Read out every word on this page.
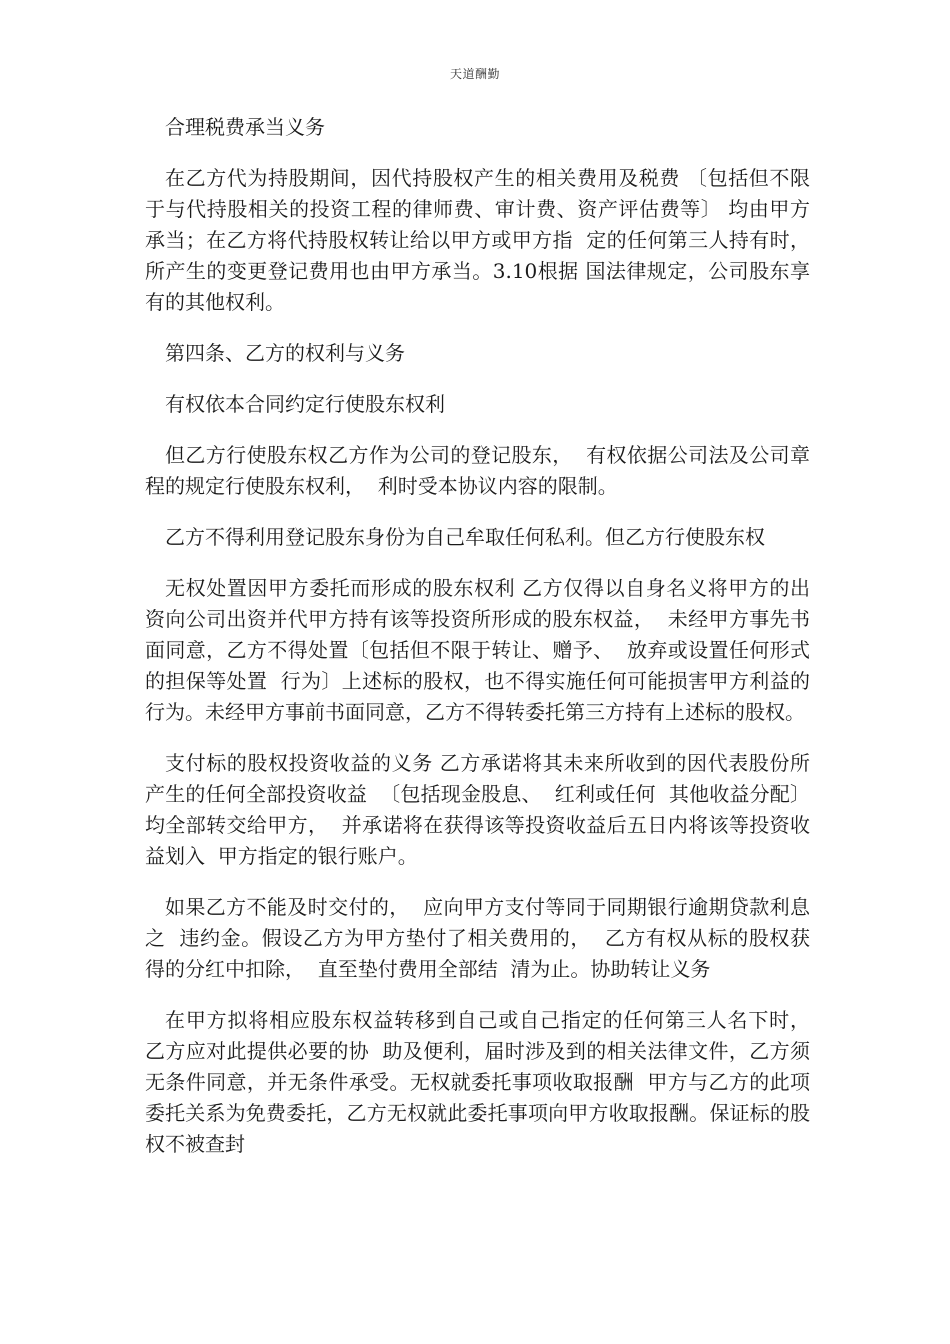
天道酬勤

合理税费承当义务

在乙方代为持股期间，因代持股权产生的相关费用及税费 〔包括但不限于与代持股相关的投资工程的律师费、审计费、资产评估费等〕 均由甲方承当；在乙方将代持股权转让给以甲方或甲方指  定的任何第三人持有时，所产生的变更登记费用也由甲方承当。3.10根据 国法律规定，公司股东享有的其他权利。

第四条、乙方的权利与义务

有权依本合同约定行使股东权利

但乙方行使股东权乙方作为公司的登记股东，  有权依据公司法及公司章程的规定行使股东权利，  利时受本协议内容的限制。

乙方不得利用登记股东身份为自己牟取任何私利。但乙方行使股东权

无权处置因甲方委托而形成的股东权利 乙方仅得以自身名义将甲方的出资向公司出资并代甲方持有该等投资所形成的股东权益，  未经甲方事先书面同意，乙方不得处置〔包括但不限于转让、赠予、  放弃或设置任何形式的担保等处置  行为〕上述标的股权，也不得实施任何可能损害甲方利益的行为。未经甲方事前书面同意，乙方不得转委托第三方持有上述标的股权。

支付标的股权投资收益的义务 乙方承诺将其未来所收到的因代表股份所产生的任何全部投资收益  〔包括现金股息、  红利或任何  其他收益分配〕  均全部转交给甲方，  并承诺将在获得该等投资收益后五日内将该等投资收益划入  甲方指定的银行账户。

如果乙方不能及时交付的，  应向甲方支付等同于同期银行逾期贷款利息之  违约金。假设乙方为甲方垫付了相关费用的，  乙方有权从标的股权获得的分红中扣除，  直至垫付费用全部结  清为止。协助转让义务

在甲方拟将相应股东权益转移到自己或自己指定的任何第三人名下时，  乙方应对此提供必要的协  助及便利，届时涉及到的相关法律文件，乙方须无条件同意，并无条件承受。无权就委托事项收取报酬  甲方与乙方的此项委托关系为免费委托，乙方无权就此委托事项向甲方收取报酬。保证标的股权不被查封
